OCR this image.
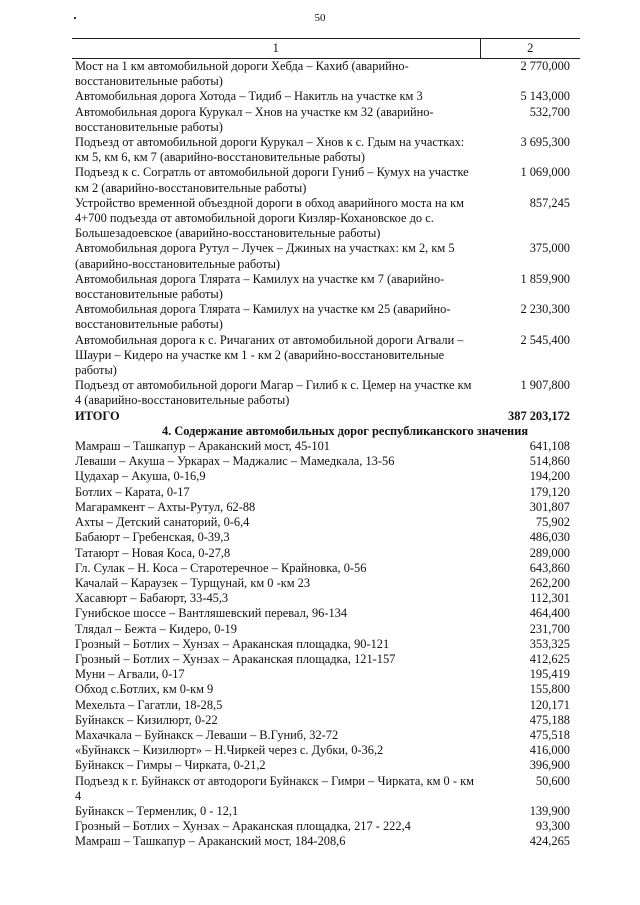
50
1	2
Мост на 1 км автомобильной дороги Хебда – Кахиб (аварийно-восстановительные работы)	2 770,000
Автомобильная дорога Хотода – Тидиб – Накитль на участке км 3	5 143,000
Автомобильная дорога Курукал – Хнов на участке км 32 (аварийно-восстановительные работы)	532,700
Подъезд от автомобильной дороги Курукал – Хнов к с. Гдым на участках: км 5, км 6, км 7 (аварийно-восстановительные работы)	3 695,300
Подъезд к с. Согратль от автомобильной дороги Гуниб – Кумух на участке км 2 (аварийно-восстановительные работы)	1 069,000
Устройство временной объездной дороги в обход аварийного моста на км 4+700 подъезда от автомобильной дороги Кизляр-Кохановское до с. Большезадоевское (аварийно-восстановительные работы)	857,245
Автомобильная дорога Рутул – Лучек – Джиных на участках: км 2, км 5 (аварийно-восстановительные работы)	375,000
Автомобильная дорога Тлярата – Камилух на участке км 7 (аварийно-восстановительные работы)	1 859,900
Автомобильная дорога Тлярата – Камилух на участке км 25 (аварийно-восстановительные работы)	2 230,300
Автомобильная дорога к с. Ричаганих от автомобильной дороги Агвали – Шаури – Кидеро на участке км 1 - км 2 (аварийно-восстановительные работы)	2 545,400
Подъезд от автомобильной дороги Магар – Гилиб к с. Цемер на участке км 4 (аварийно-восстановительные работы)	1 907,800
ИТОГО	387 203,172
4. Содержание автомобильных дорог республиканского значения	
Мамраш – Ташкапур – Араканский мост, 45-101	641,108
Леваши – Акуша – Уркарах – Маджалис – Мамедкала, 13-56	514,860
Цудахар – Акуша, 0-16,9	194,200
Ботлих – Карата, 0-17	179,120
Магарамкент – Ахты-Рутул, 62-88	301,807
Ахты – Детский санаторий, 0-6,4	75,902
Бабаюрт – Гребенская, 0-39,3	486,030
Татаюрт – Новая Коса, 0-27,8	289,000
Гл. Сулак – Н. Коса – Старотеречное – Крайновка, 0-56	643,860
Качалай – Караузек – Турщунай, км 0 -км 23	262,200
Хасавюрт – Бабаюрт, 33-45,3	112,301
Гунибское шоссе – Вантляшевский перевал, 96-134	464,400
Тляд​ал – Бежта – Кидеро, 0-19	231,700
Грозный – Ботлих – Хунзах – Араканская площадка, 90-121	353,325
Грозный – Ботлих – Хунзах – Араканская площадка, 121-157	412,625
Муни – Агвали, 0-17	195,419
Обход с.Ботлих, км 0-км 9	155,800
Мехельта – Гагатли, 18-28,5	120,171
Буйнакск – Кизилюрт, 0-22	475,188
Махачкала – Буйнакск – Леваши – В.Гуниб, 32-72	475,518
«Буйнакск – Кизилюрт» – Н.Чиркей через с. Дубки, 0-36,2	416,000
Буйнакск – Гимры – Чирката, 0-21,2	396,900
Подъезд к г. Буйнакск от автодороги Буйнакск – Гимри – Чирката, км 0 - км 4	50,600
Буйнакск – Терменлик, 0 - 12,1	139,900
Грозный – Ботлих – Хунзах – Араканская площадка, 217 - 222,4	93,300
Мамраш – Ташкапур – Араканский мост, 184-208,6	424,265
